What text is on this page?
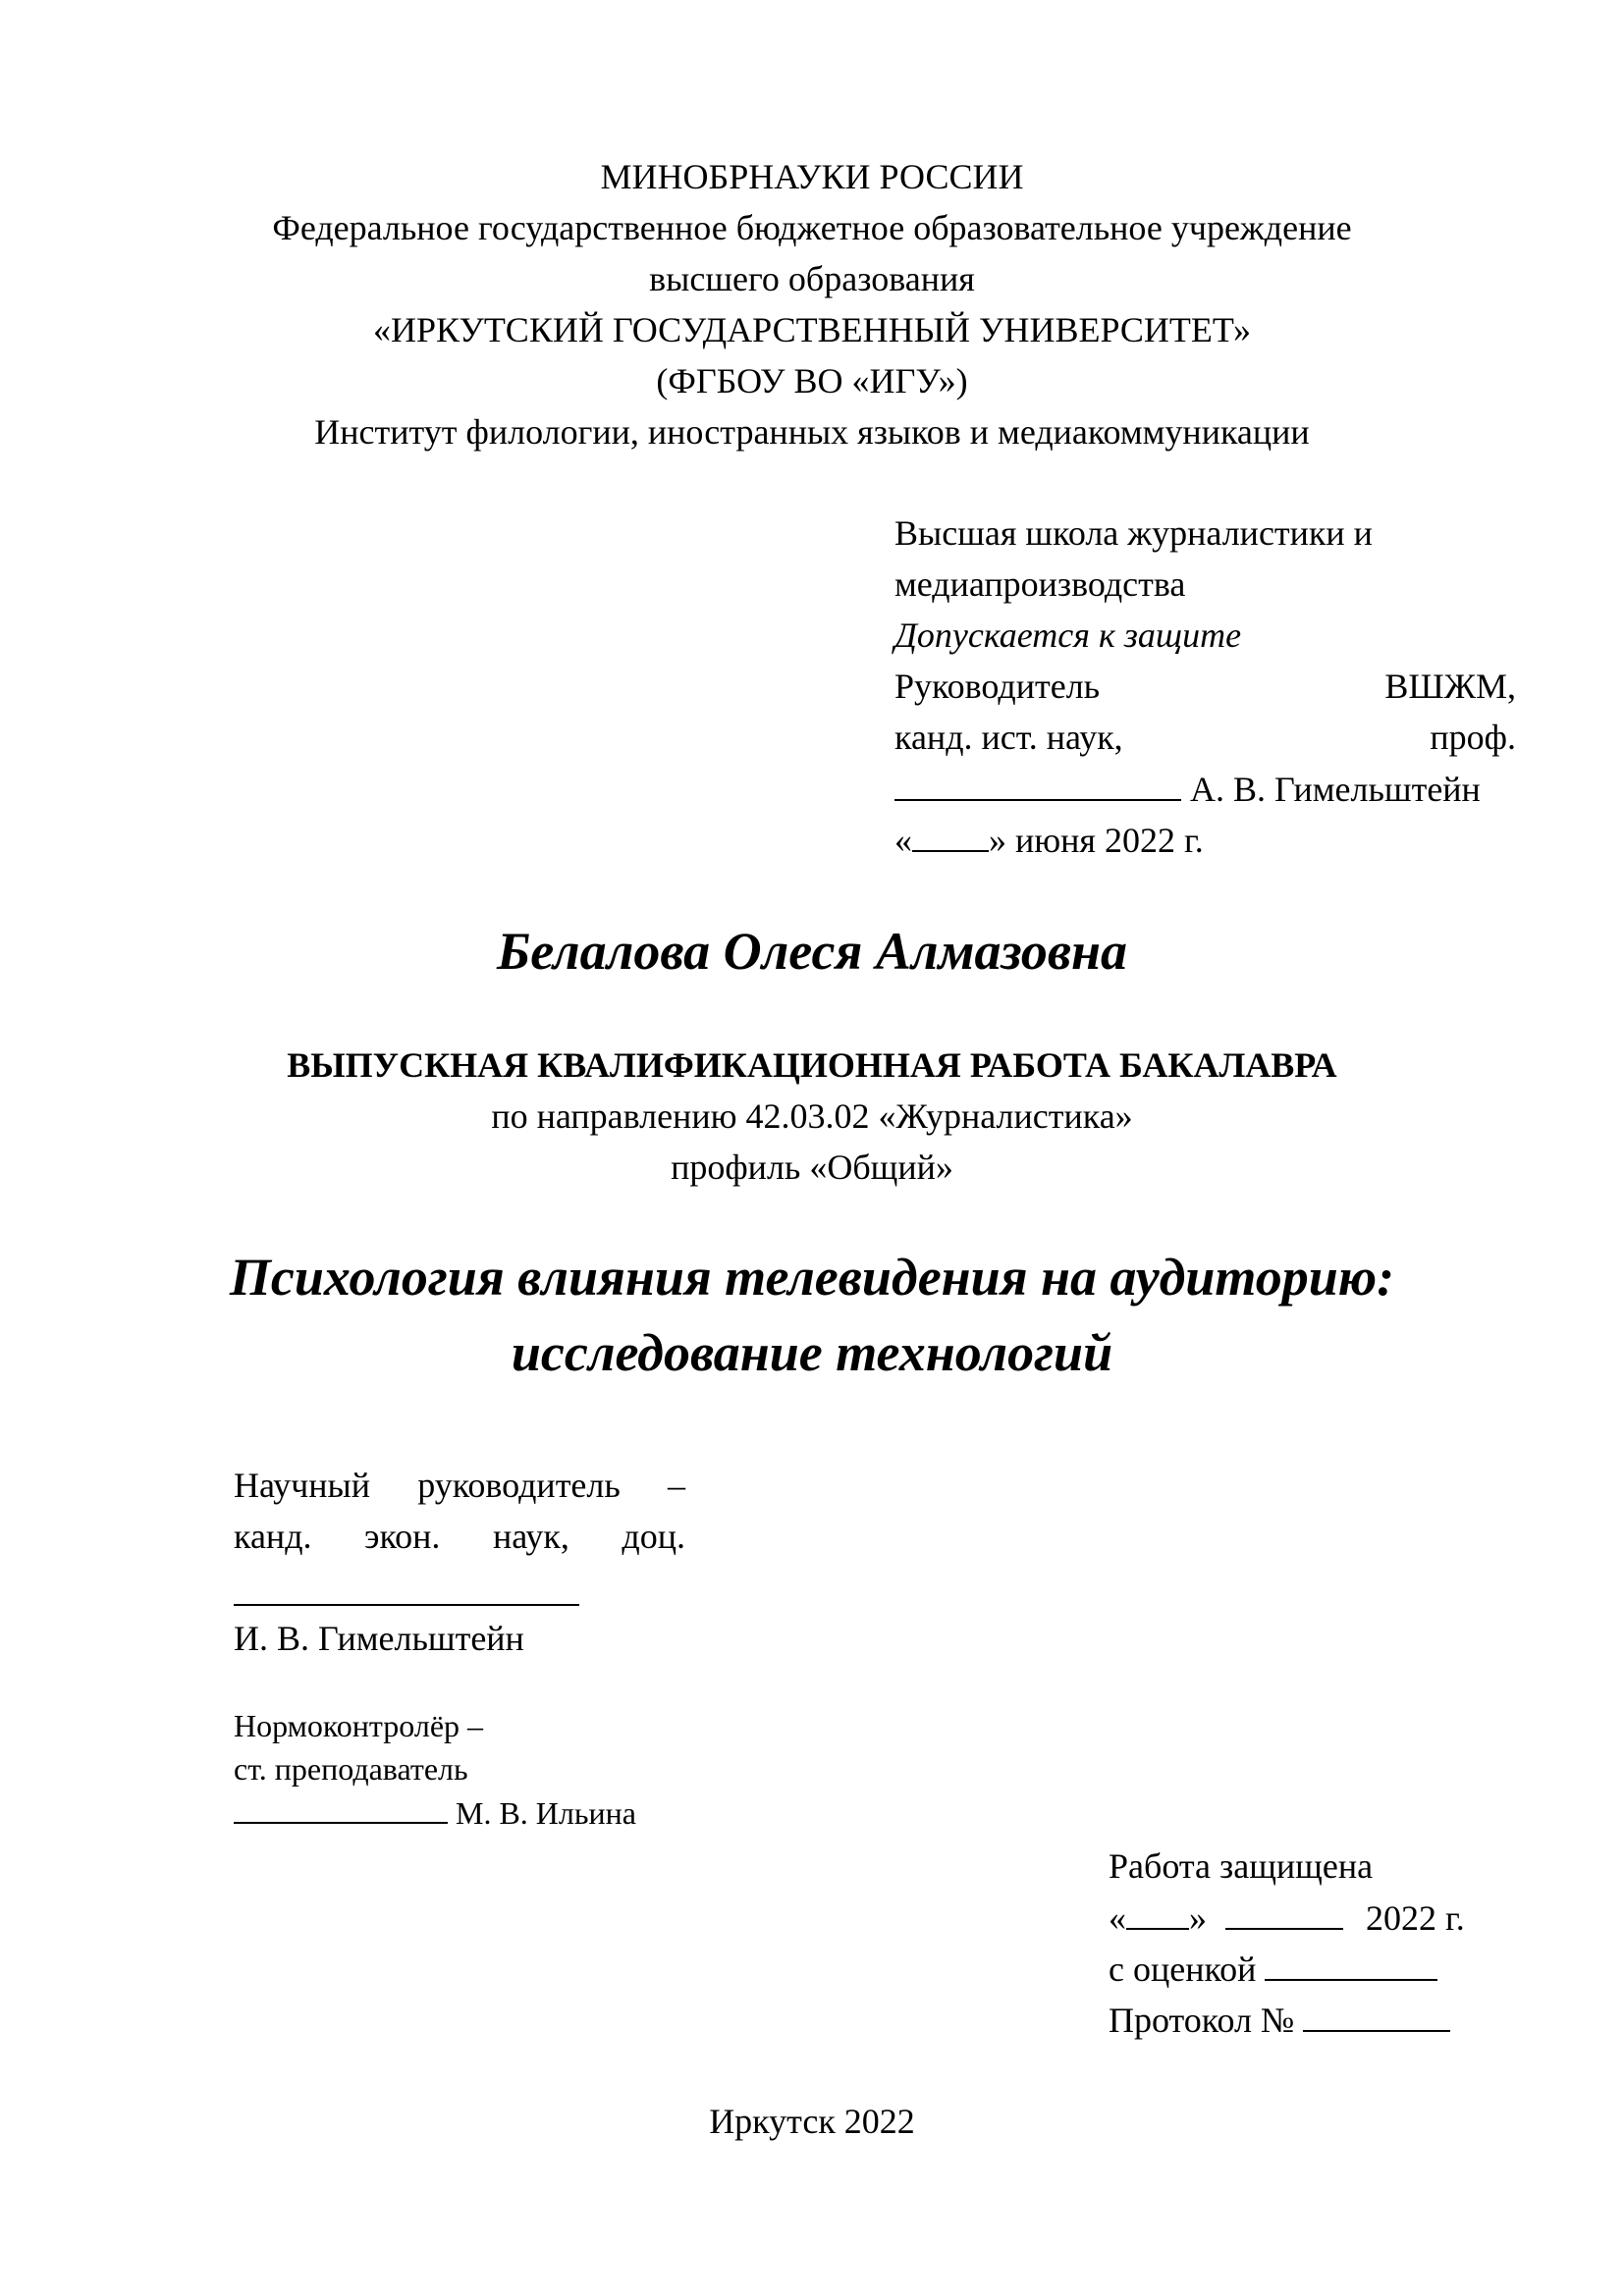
МИНОБРНАУКИ РОССИИ
Федеральное государственное бюджетное образовательное учреждение
высшего образования
«ИРКУТСКИЙ ГОСУДАРСТВЕННЫЙ УНИВЕРСИТЕТ»
(ФГБОУ ВО «ИГУ»)
Институт филологии, иностранных языков и медиакоммуникации
Высшая школа журналистики и
медиапроизводства
Допускается к защите
Руководитель	ВШЖМ,
канд. ист. наук,	проф.
А. В. Гимельштейн
« » июня 2022 г.
Белалова Олеся Алмазовна
ВЫПУСКНАЯ КВАЛИФИКАЦИОННАЯ РАБОТА БАКАЛАВРА
по направлению 42.03.02 «Журналистика»
профиль «Общий»
Психология влияния телевидения на аудиторию:
исследование технологий
Научный руководитель –
канд. экон. наук, доц.
И. В. Гимельштейн
Нормоконтролёр –
ст. преподаватель
М. В. Ильина
Работа защищена
« »	2022 г.
с оценкой
Протокол №
Иркутск 2022
